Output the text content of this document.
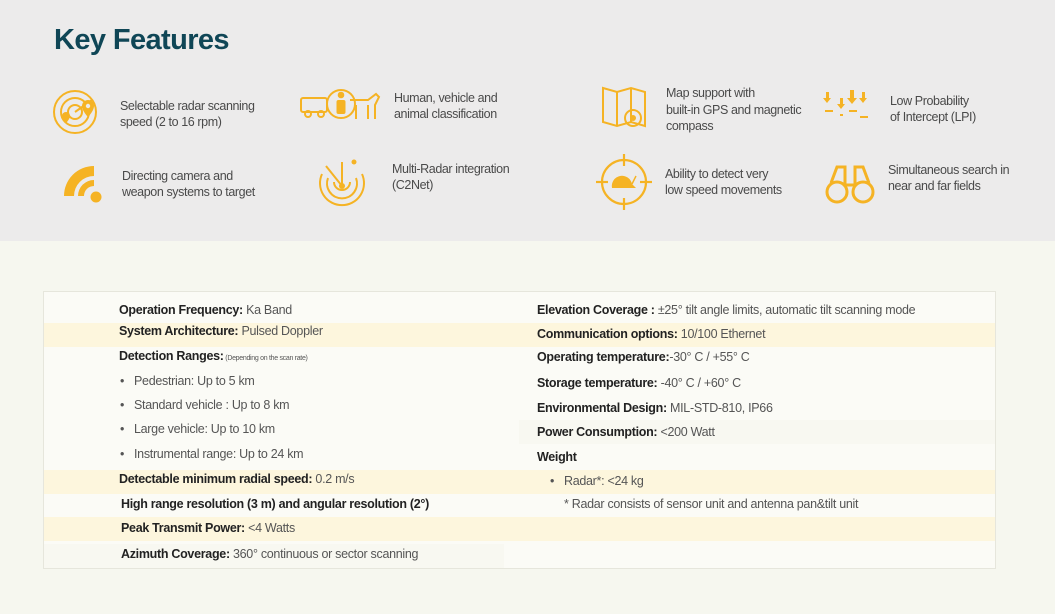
Key Features
Selectable radar scanning
speed (2 to 16 rpm)
Human, vehicle and
animal classification
Map support with
built-in GPS and magnetic
compass
Low Probability
of Intercept (LPI)
Directing camera and
weapon systems to target
Multi-Radar integration
(C2Net)
Ability to detect very
low speed movements
Simultaneous search in
near and far fields
Operation Frequency: Ka Band
System Architecture: Pulsed Doppler
Detection Ranges: (Depending on the scan rate)
• Pedestrian: Up to 5 km
• Standard vehicle : Up to 8 km
• Large vehicle: Up to 10 km
• Instrumental range: Up to 24 km
Detectable minimum radial speed: 0.2 m/s
High range resolution (3 m) and angular resolution (2°)
Peak Transmit Power: <4 Watts
Azimuth Coverage: 360° continuous or sector scanning
Elevation Coverage : ±25° tilt angle limits, automatic tilt scanning mode
Communication options: 10/100 Ethernet
Operating temperature:-30° C / +55° C
Storage temperature: -40° C / +60° C
Environmental Design: MIL-STD-810, IP66
Power Consumption: <200 Watt
Weight
• Radar*: <24 kg
* Radar consists of sensor unit and antenna pan&tilt unit
